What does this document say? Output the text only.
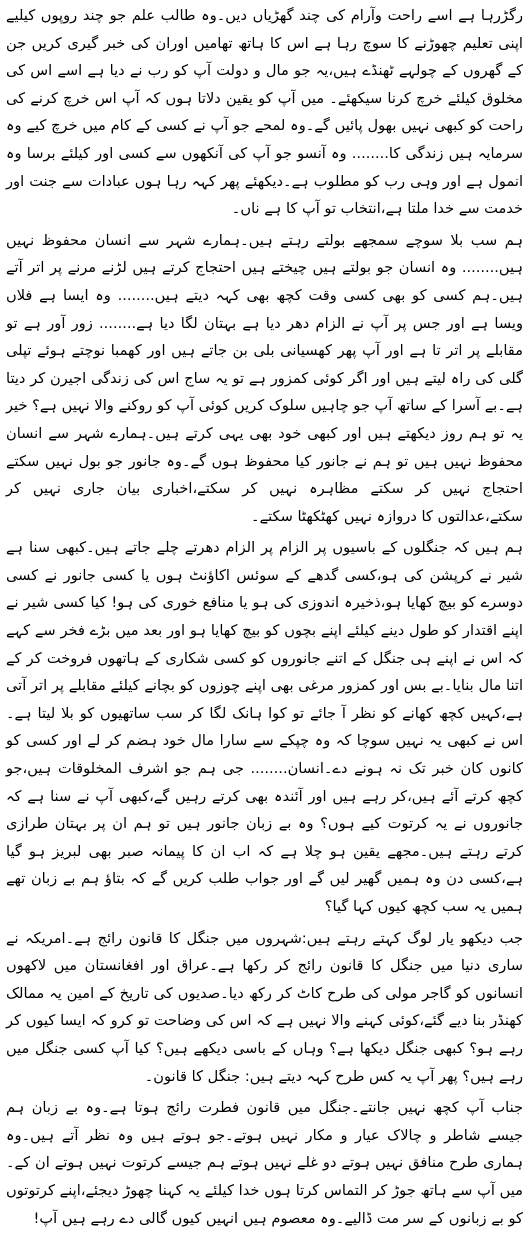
رگڑرہا ہے اسے راحت وآرام کی چند گھڑیاں دیں۔وہ طالب علم جو چند روپوں کیلیے اپنی تعلیم چھوڑنے کا سوچ رہا ہے اس کا ہاتھ تھامیں اوران کی خبر گیری کریں جن کے گھروں کے چولہے ٹھنڈے ہیں،یہ جو مال و دولت آپ کو رب نے دیا ہے اسے اس کی مخلوق کیلئے خرچ کرنا سیکھئے۔ میں آپ کو یقین دلاتا ہوں کہ آپ اس خرچ کرنے کی راحت کو کبھی نہیں بھول پائیں گے۔وہ لمحے جو آپ نے کسی کے کام میں خرچ کیے وہ سرمایہ ہیں زندگی کا........ وہ آنسو جو آپ کی آنکھوں سے کسی اور کیلئے برسا وہ انمول ہے اور وہی رب کو مطلوب ہے۔دیکھئے پھر کہہ رہا ہوں عبادات سے جنت اور خدمت سے خدا ملتا ہے،انتخاب تو آپ کا ہے ناں۔

ہم سب بلا سوچے سمجھے بولتے رہتے ہیں۔ہمارے شہر سے انسان محفوظ نہیں ہیں........ وہ انسان جو بولتے ہیں چیختے ہیں احتجاج کرتے ہیں لڑنے مرنے پر اتر آتے ہیں۔ہم کسی کو بھی کسی وقت کچھ بھی کہہ دیتے ہیں........ وہ ایسا ہے فلاں ویسا ہے اور جس پر آپ نے الزام دھر دیا ہے بہتان لگا دیا ہے........ زور آور ہے تو مقابلے پر اتر تا ہے اور آپ پھر کھسیانی بلی بن جاتے ہیں اور کھمبا نوچتے ہوئے تپلی گلی کی راہ لیتے ہیں اور اگر کوئی کمزور ہے تو یہ ساج اس کی زندگی اجیرن کر دیتا ہے۔بے آسرا کے ساتھ آپ جو چاہیں سلوک کریں کوئی آپ کو روکنے والا نہیں ہے؟ خیر یہ تو ہم روز دیکھتے ہیں اور کبھی خود بھی یہی کرتے ہیں۔ہمارے شہر سے انسان محفوظ نہیں ہیں تو ہم نے جانور کیا محفوظ ہوں گے۔وہ جانور جو بول نہیں سکتے احتجاج نہیں کر سکتے مظاہرہ نہیں کر سکتے،اخباری بیان جاری نہیں کر سکتے،عدالتوں کا دروازہ نہیں کھٹکھٹا سکتے۔

ہم ہیں کہ جنگلوں کے باسیوں پر الزام پر الزام دھرتے چلے جاتے ہیں۔کبھی سنا ہے شیر نے کرپشن کی ہو،کسی گدھے کے سوئس اکاؤنٹ ہوں یا کسی جانور نے کسی دوسرے کو بیچ کھایا ہو،ذخیرہ اندوزی کی ہو یا منافع خوری کی ہو! کیا کسی شیر نے اپنے اقتدار کو طول دینے کیلئے اپنے بچوں کو بیچ کھایا ہو اور بعد میں بڑے فخر سے کہے کہ اس نے اپنے ہی جنگل کے اتنے جانوروں کو کسی شکاری کے ہاتھوں فروخت کر کے اتنا مال بنایا۔بے بس اور کمزور مرغی بھی اپنے چوزوں کو بچانے کیلئے مقابلے پر اتر آتی ہے،کہیں کچھ کھانے کو نظر آ جائے تو کوا ہانک لگا کر سب ساتھیوں کو بلا لیتا ہے۔اس نے کبھی یہ نہیں سوچا کہ وہ چپکے سے سارا مال خود ہضم کر لے اور کسی کو کانوں کان خبر تک نہ ہونے دے۔انسان........ جی ہم جو اشرف المخلوقات ہیں،جو کچھ کرتے آئے ہیں،کر رہے ہیں اور آئندہ بھی کرتے رہیں گے،کبھی آپ نے سنا ہے کہ جانوروں نے یہ کرتوت کیے ہوں؟ وہ بے زبان جانور ہیں تو ہم ان پر بہتان طرازی کرتے رہتے ہیں۔مجھے یقین ہو چلا ہے کہ اب ان کا پیمانہ صبر بھی لبریز ہو گیا ہے،کسی دن وہ ہمیں گھیر لیں گے اور جواب طلب کریں گے کہ بتاؤ ہم بے زبان تھے ہمیں یہ سب کچھ کیوں کہا گیا؟

جب دیکھو یار لوگ کہتے رہتے ہیں:شہروں میں جنگل کا قانون رائج ہے۔امریکہ نے ساری دنیا میں جنگل کا قانون رائج کر رکھا ہے۔عراق اور افغانستان میں لاکھوں انسانوں کو گاجر مولی کی طرح کاٹ کر رکھ دیا۔صدیوں کی تاریخ کے امین یہ ممالک کھنڈر بنا دیے گئے،کوئی کہنے والا نہیں ہے کہ اس کی وضاحت تو کرو کہ ایسا کیوں کر رہے ہو؟ کبھی جنگل دیکھا ہے؟ وہاں کے باسی دیکھے ہیں؟ کیا آپ کسی جنگل میں رہے ہیں؟ پھر آپ یہ کس طرح کہہ دیتے ہیں: جنگل کا قانون۔

جناب آپ کچھ نہیں جانتے۔جنگل میں قانون فطرت رائج ہوتا ہے۔وہ بے زبان ہم جیسے شاطر و چالاک عیار و مکار نہیں ہوتے۔جو ہوتے ہیں وہ نظر آتے ہیں۔وہ ہماری طرح منافق نہیں ہوتے دو غلے نہیں ہوتے ہم جیسے کرتوت نہیں ہوتے ان کے۔میں آپ سے ہاتھ جوڑ کر التماس کرتا ہوں خدا کیلئے یہ کہنا چھوڑ دیجئے،اپنے کرتوتوں کو بے زبانوں کے سر مت ڈالیے۔وہ معصوم ہیں انہیں کیوں گالی دے رہے ہیں آپ!
